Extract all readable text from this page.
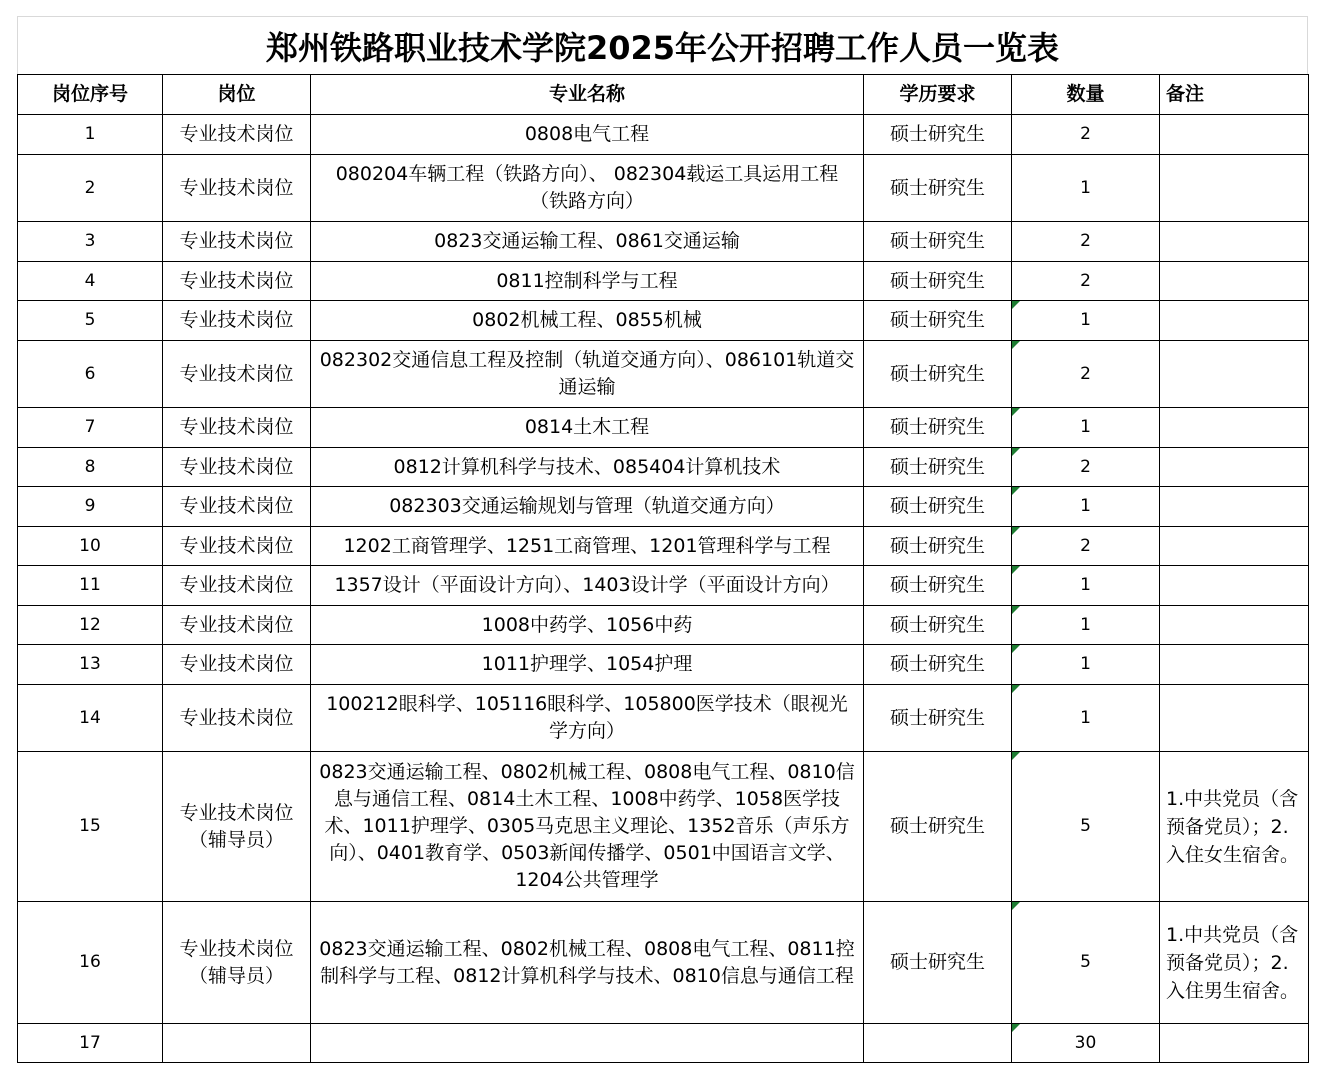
郑州铁路职业技术学院2025年公开招聘工作人员一览表
岗位序号	岗位	专业名称	学历要求	数量	备注
1	专业技术岗位	0808电气工程	硕士研究生	2	
2	专业技术岗位	080204车辆工程（铁路方向）、 082304载运工具运用工程（铁路方向）	硕士研究生	1	
3	专业技术岗位	0823交通运输工程、0861交通运输	硕士研究生	2	
4	专业技术岗位	0811控制科学与工程	硕士研究生	2	
5	专业技术岗位	0802机械工程、0855机械	硕士研究生	1

6	专业技术岗位	082302交通信息工程及控制（轨道交通方向）、086101轨道交通运输	硕士研究生	2

7	专业技术岗位	0814土木工程	硕士研究生	1

8	专业技术岗位	0812计算机科学与技术、085404计算机技术	硕士研究生	2

9	专业技术岗位	082303交通运输规划与管理（轨道交通方向）	硕士研究生	1

10	专业技术岗位	1202工商管理学、1251工商管理、1201管理科学与工程	硕士研究生	2

11	专业技术岗位	1357设计（平面设计方向）、1403设计学（平面设计方向）	硕士研究生	1

12	专业技术岗位	1008中药学、1056中药	硕士研究生	1

13	专业技术岗位	1011护理学、1054护理	硕士研究生	1

14	专业技术岗位	100212眼科学、105116眼科学、105800医学技术（眼视光学方向）	硕士研究生	1

15	专业技术岗位（辅导员）	0823交通运输工程、0802机械工程、0808电气工程、0810信息与通信工程、0814土木工程、1008中药学、1058医学技术、1011护理学、0305马克思主义理论、1352音乐（声乐方向）、0401教育学、0503新闻传播学、0501中国语言文学、1204公共管理学	硕士研究生	5	1.中共党员（含预备党员）；2.入住女生宿舍。
16	专业技术岗位（辅导员）	0823交通运输工程、0802机械工程、0808电气工程、0811控制科学与工程、0812计算机科学与技术、0810信息与通信工程	硕士研究生	5	1.中共党员（含预备党员）；2.入住男生宿舍。
17				30
